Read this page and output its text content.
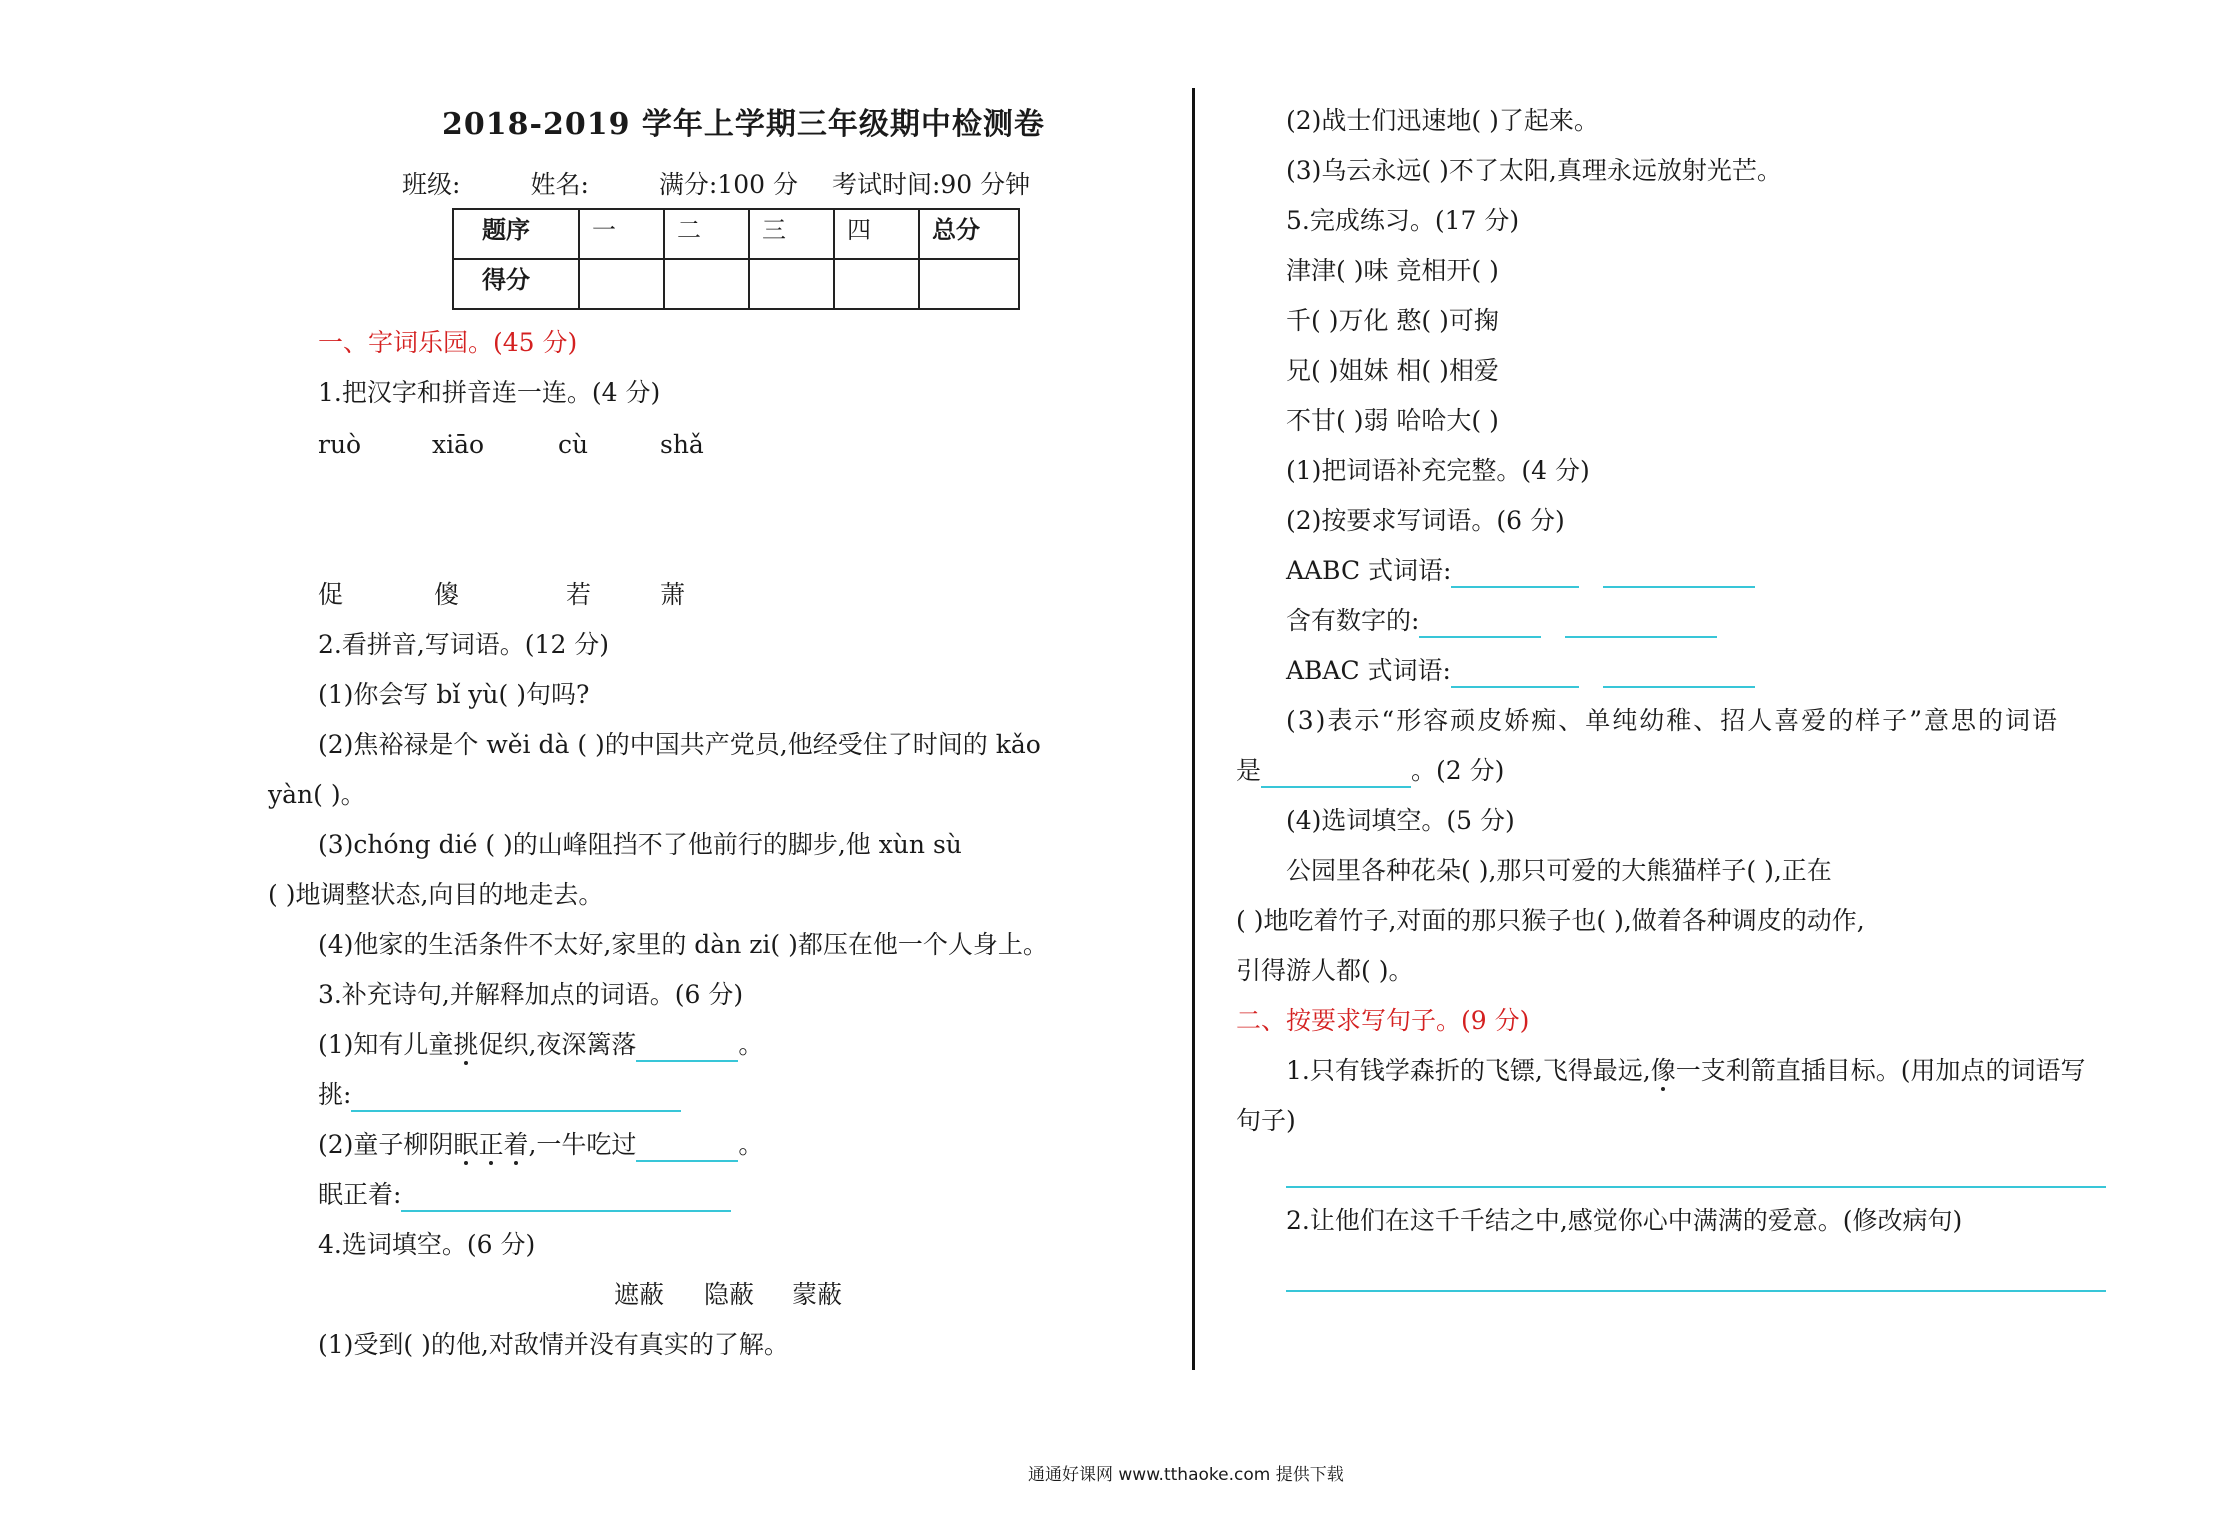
2018-2019 学年上学期三年级期中检测卷
班级:	姓名:	满分:100 分 考试时间:90 分钟
题序	一	二	三	四	总分
得分					
一、字词乐园。(45 分)
1.把汉字和拼音连一连。(4 分)
ruò	xiāo	cù	shǎ
促	傻	若	萧
2.看拼音,写词语。(12 分)
(1)你会写 bǐ yù( )句吗?
(2)焦裕禄是个 wěi dà ( )的中国共产党员,他经受住了时间的 kǎo
yàn( )。
(3)chóng dié ( )的山峰阻挡不了他前行的脚步,他 xùn sù
( )地调整状态,向目的地走去。
(4)他家的生活条件不太好,家里的 dàn zi( )都压在他一个人身上。
3.补充诗句,并解释加点的词语。(6 分)
(1)知有儿童挑促织,夜深篱落	。
挑:
(2)童子柳阴眠正着,一牛吃过	。
眠正着:
4.选词填空。(6 分)
遮蔽 隐蔽 蒙蔽
(1)受到( )的他,对敌情并没有真实的了解。
(2)战士们迅速地( )了起来。
(3)乌云永远( )不了太阳,真理永远放射光芒。
5.完成练习。(17 分)
津津( )味 竞相开( )
千( )万化 憨( )可掬
兄( )姐妹 相( )相爱
不甘( )弱 哈哈大( )
(1)把词语补充完整。(4 分)
(2)按要求写词语。(6 分)
AABC 式词语:
含有数字的:
ABAC 式词语:
(3)表示“形容顽皮娇痴、单纯幼稚、招人喜爱的样子”意思的词语
是	。(2 分)
(4)选词填空。(5 分)
公园里各种花朵( ),那只可爱的大熊猫样子( ),正在
( )地吃着竹子,对面的那只猴子也( ),做着各种调皮的动作,
引得游人都( )。
二、按要求写句子。(9 分)
1.只有钱学森折的飞镖,飞得最远,像一支利箭直插目标。(用加点的词语写
句子)
2.让他们在这千千结之中,感觉你心中满满的爱意。(修改病句)
通通好课网 www.tthaoke.com 提供下载
